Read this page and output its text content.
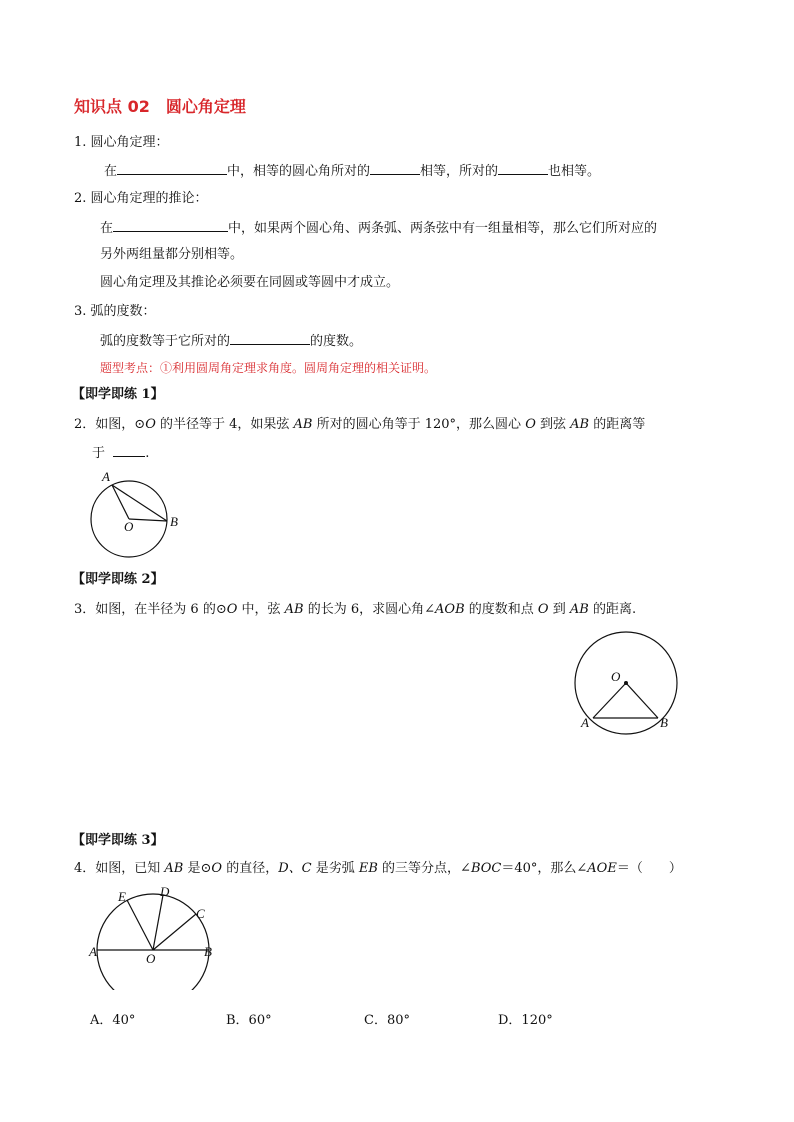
知识点 02　圆心角定理
1. 圆心角定理：
在	中，相等的圆心角所对的	相等，所对的	也相等。
2. 圆心角定理的推论：
在	中，如果两个圆心角、两条弧、两条弦中有一组量相等，那么它们所对应的
另外两组量都分别相等。
圆心角定理及其推论必须要在同圆或等圆中才成立。
3. 弧的度数：
弧的度数等于它所对的	的度数。
题型考点：①利用圆周角定理求角度。圆周角定理的相关证明。
【即学即练 1】
2．如图，⊙O 的半径等于 4，如果弦 AB 所对的圆心角等于 120°，那么圆心 O 到弦 AB 的距离等
于	.
A
O	B
【即学即练 2】
3．如图，在半径为 6 的⊙O 中，弦 AB 的长为 6，求圆心角∠AOB 的度数和点 O 到 AB 的距离.
O
A	B
【即学即练 3】
4．如图，已知 AB 是⊙O 的直径，D、C 是劣弧 EB 的三等分点，∠BOC＝40°，那么∠AOE＝（　　）
E	D
C
A	O	B
A．40°	B．60°	C．80°	D．120°
